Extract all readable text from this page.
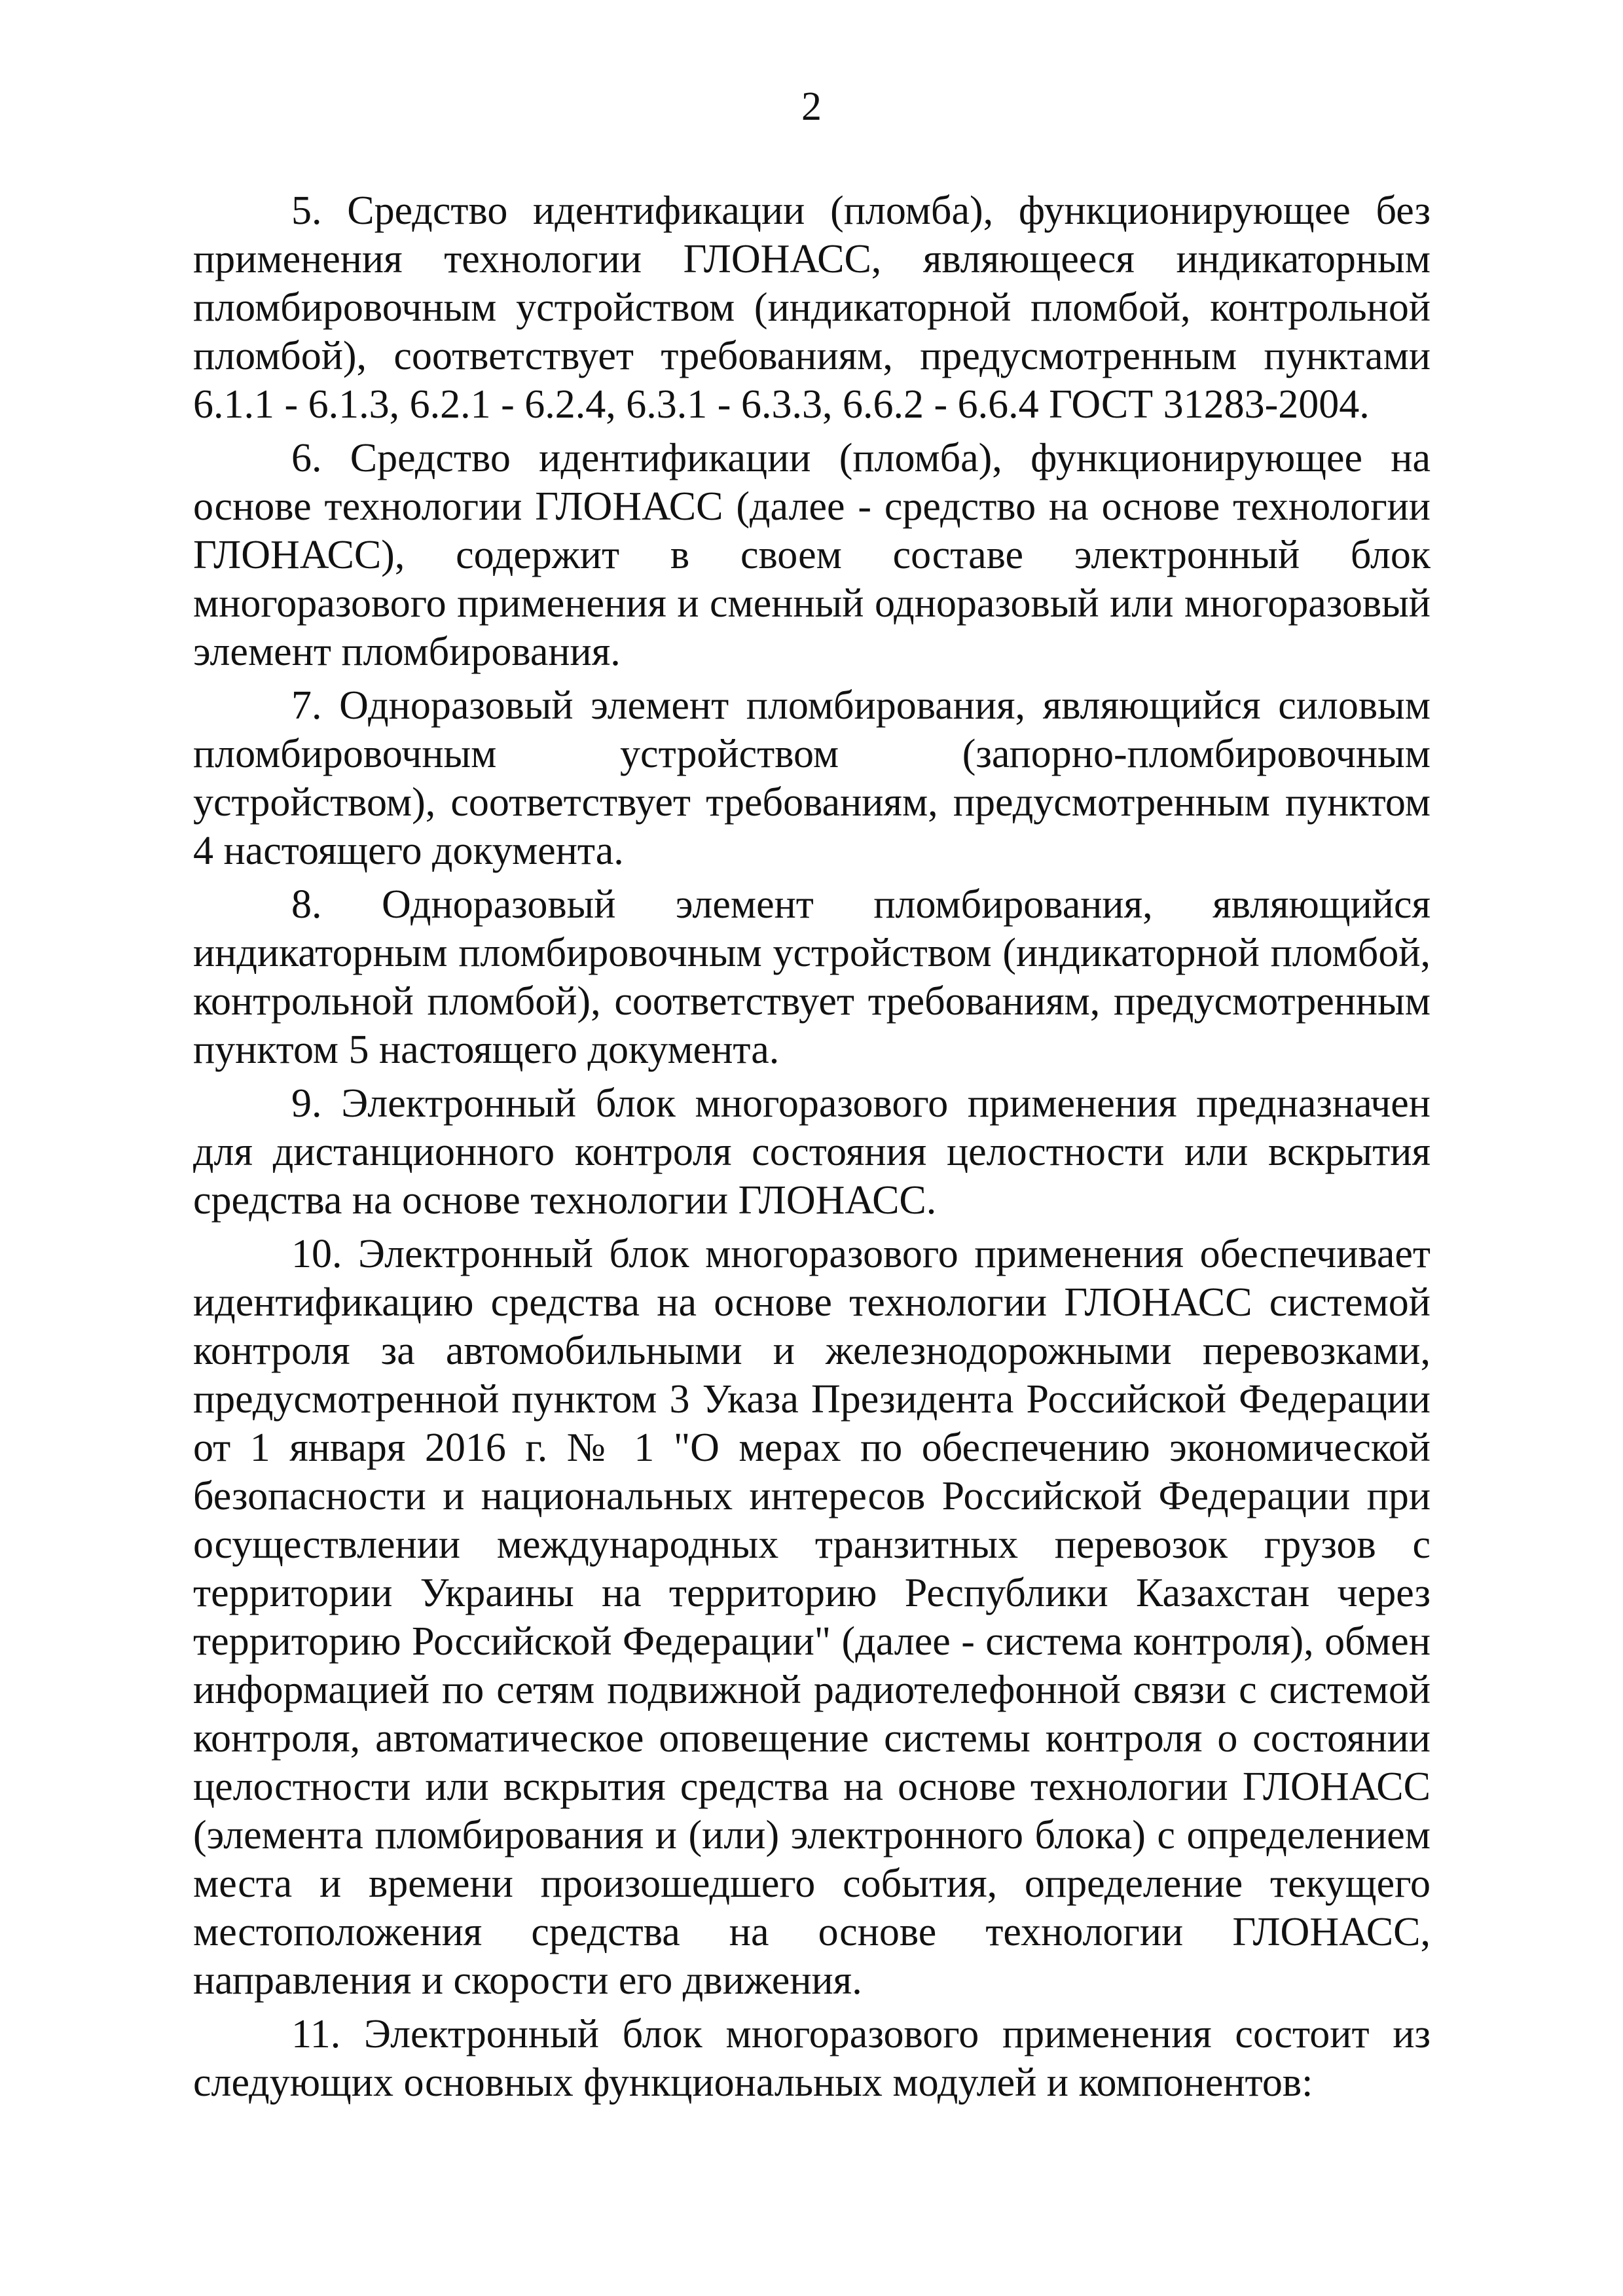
2

5. Средство идентификации (пломба), функционирующее без применения технологии ГЛОНАСС, являющееся индикаторным пломбировочным устройством (индикаторной пломбой, контрольной пломбой), соответствует требованиям, предусмотренным пунктами 6.1.1 - 6.1.3, 6.2.1 - 6.2.4, 6.3.1 - 6.3.3, 6.6.2 - 6.6.4 ГОСТ 31283-2004.

6. Средство идентификации (пломба), функционирующее на основе технологии ГЛОНАСС (далее - средство на основе технологии ГЛОНАСС), содержит в своем составе электронный блок многоразового применения и сменный одноразовый или многоразовый элемент пломбирования.

7. Одноразовый элемент пломбирования, являющийся силовым пломбировочным устройством (запорно-пломбировочным устройством), соответствует требованиям, предусмотренным пунктом 4 настоящего документа.

8. Одноразовый элемент пломбирования, являющийся индикаторным пломбировочным устройством (индикаторной пломбой, контрольной пломбой), соответствует требованиям, предусмотренным пунктом 5 настоящего документа.

9. Электронный блок многоразового применения предназначен для дистанционного контроля состояния целостности или вскрытия средства на основе технологии ГЛОНАСС.

10. Электронный блок многоразового применения обеспечивает идентификацию средства на основе технологии ГЛОНАСС системой контроля за автомобильными и железнодорожными перевозками, предусмотренной пунктом 3 Указа Президента Российской Федерации от 1 января 2016 г. № 1 "О мерах по обеспечению экономической безопасности и национальных интересов Российской Федерации при осуществлении международных транзитных перевозок грузов с территории Украины на территорию Республики Казахстан через территорию Российской Федерации" (далее - система контроля), обмен информацией по сетям подвижной радиотелефонной связи с системой контроля, автоматическое оповещение системы контроля о состоянии целостности или вскрытия средства на основе технологии ГЛОНАСС (элемента пломбирования и (или) электронного блока) с определением места и времени произошедшего события, определение текущего местоположения средства на основе технологии ГЛОНАСС, направления и скорости его движения.

11. Электронный блок многоразового применения состоит из следующих основных функциональных модулей и компонентов:
